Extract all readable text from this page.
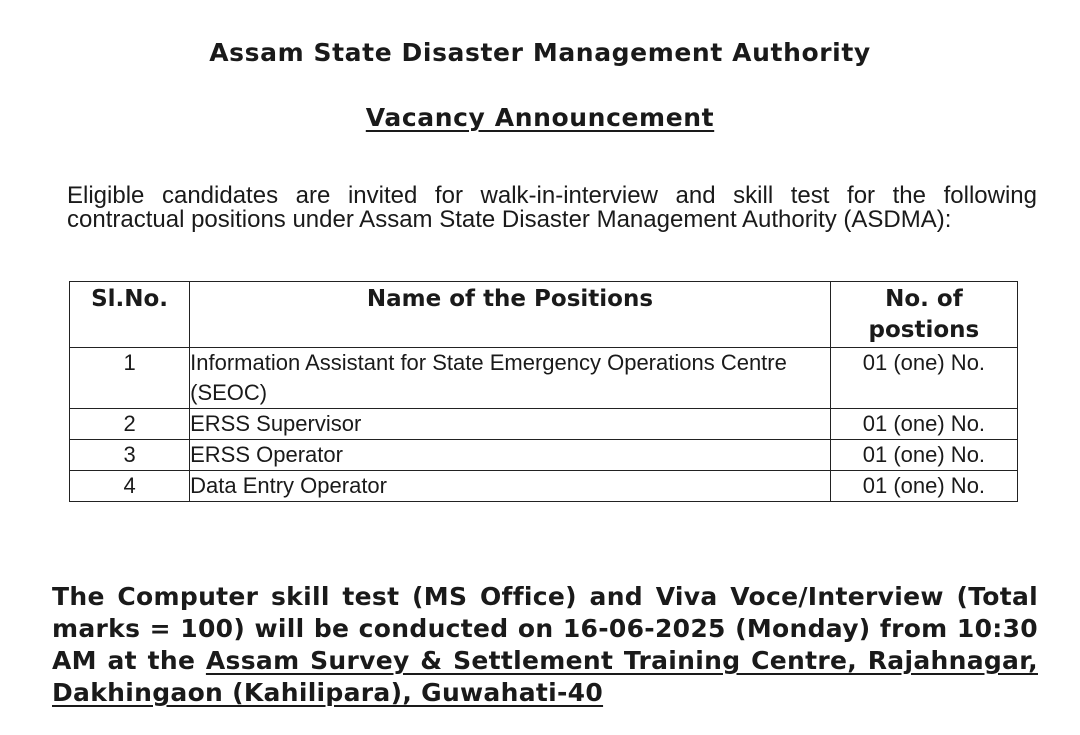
Assam State Disaster Management Authority
Vacancy Announcement

Eligible candidates are invited for walk-in-interview and skill test for the following contractual positions under Assam State Disaster Management Authority (ASDMA):

Sl.No.	Name of the Positions	No. of postions
1	Information Assistant for State Emergency Operations Centre (SEOC)	01 (one) No.
2	ERSS Supervisor	01 (one) No.
3	ERSS Operator	01 (one) No.
4	Data Entry Operator	01 (one) No.

The Computer skill test (MS Office) and Viva Voce/Interview (Total marks = 100) will be conducted on 16-06-2025 (Monday) from 10:30 AM at the Assam Survey & Settlement Training Centre, Rajahnagar, Dakhingaon (Kahilipara), Guwahati-40
